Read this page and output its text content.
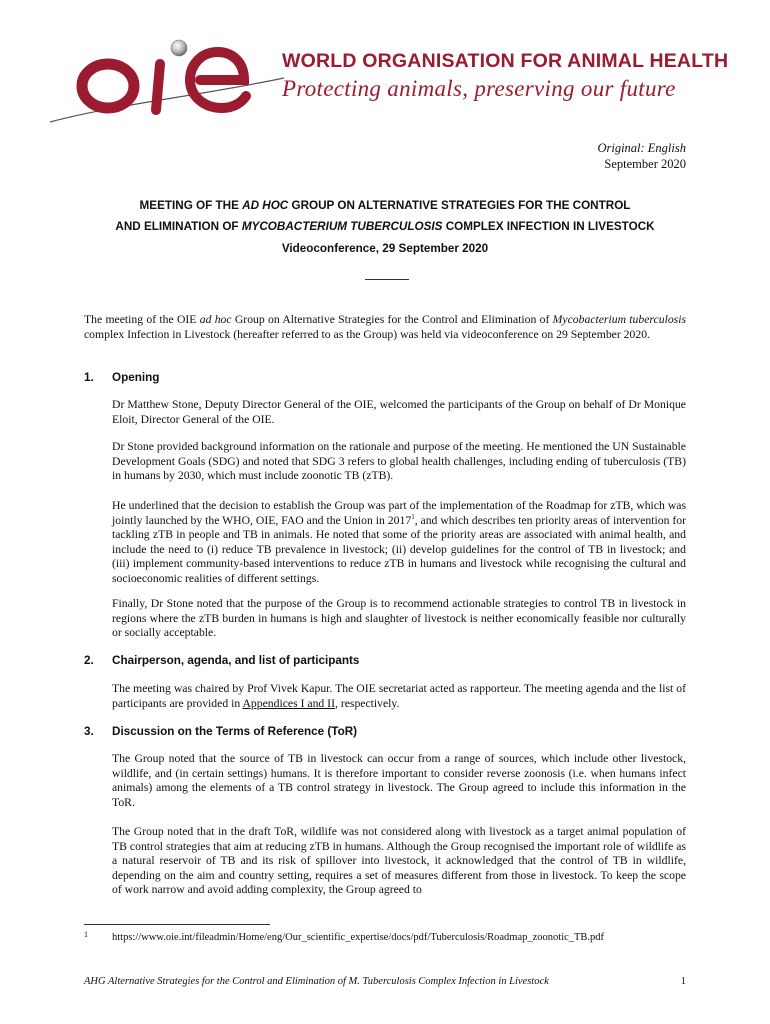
oie
WORLD ORGANISATION FOR ANIMAL HEALTH
Protecting animals, preserving our future
Original: English
September 2020
MEETING OF THE AD HOC GROUP ON ALTERNATIVE STRATEGIES FOR THE CONTROL
AND ELIMINATION OF MYCOBACTERIUM TUBERCULOSIS COMPLEX INFECTION IN LIVESTOCK
Videoconference, 29 September 2020

The meeting of the OIE ad hoc Group on Alternative Strategies for the Control and Elimination of Mycobacterium tuberculosis complex Infection in Livestock (hereafter referred to as the Group) was held via videoconference on 29 September 2020.

1. Opening

Dr Matthew Stone, Deputy Director General of the OIE, welcomed the participants of the Group on behalf of Dr Monique Eloit, Director General of the OIE.

Dr Stone provided background information on the rationale and purpose of the meeting. He mentioned the UN Sustainable Development Goals (SDG) and noted that SDG 3 refers to global health challenges, including ending of tuberculosis (TB) in humans by 2030, which must include zoonotic TB (zTB).

He underlined that the decision to establish the Group was part of the implementation of the Roadmap for zTB, which was jointly launched by the WHO, OIE, FAO and the Union in 2017$^1$, and which describes ten priority areas of intervention for tackling zTB in people and TB in animals. He noted that some of the priority areas are associated with animal health, and include the need to (i) reduce TB prevalence in livestock; (ii) develop guidelines for the control of TB in livestock; and (iii) implement community-based interventions to reduce zTB in humans and livestock while recognising the cultural and socioeconomic realities of different settings.

Finally, Dr Stone noted that the purpose of the Group is to recommend actionable strategies to control TB in livestock in regions where the zTB burden in humans is high and slaughter of livestock is neither economically feasible nor culturally or socially acceptable.

2. Chairperson, agenda, and list of participants

The meeting was chaired by Prof Vivek Kapur. The OIE secretariat acted as rapporteur. The meeting agenda and the list of participants are provided in Appendices I and II, respectively.

3. Discussion on the Terms of Reference (ToR)

The Group noted that the source of TB in livestock can occur from a range of sources, which include other livestock, wildlife, and (in certain settings) humans. It is therefore important to consider reverse zoonosis (i.e. when humans infect animals) among the elements of a TB control strategy in livestock. The Group agreed to include this information in the ToR.

The Group noted that in the draft ToR, wildlife was not considered along with livestock as a target animal population of TB control strategies that aim at reducing zTB in humans. Although the Group recognised the important role of wildlife as a natural reservoir of TB and its risk of spillover into livestock, it acknowledged that the control of TB in wildlife, depending on the aim and country setting, requires a set of measures different from those in livestock. To keep the scope of work narrow and avoid adding complexity, the Group agreed to

1 https://www.oie.int/fileadmin/Home/eng/Our_scientific_expertise/docs/pdf/Tuberculosis/Roadmap_zoonotic_TB.pdf
AHG Alternative Strategies for the Control and Elimination of M. Tuberculosis Complex Infection in Livestock	1
